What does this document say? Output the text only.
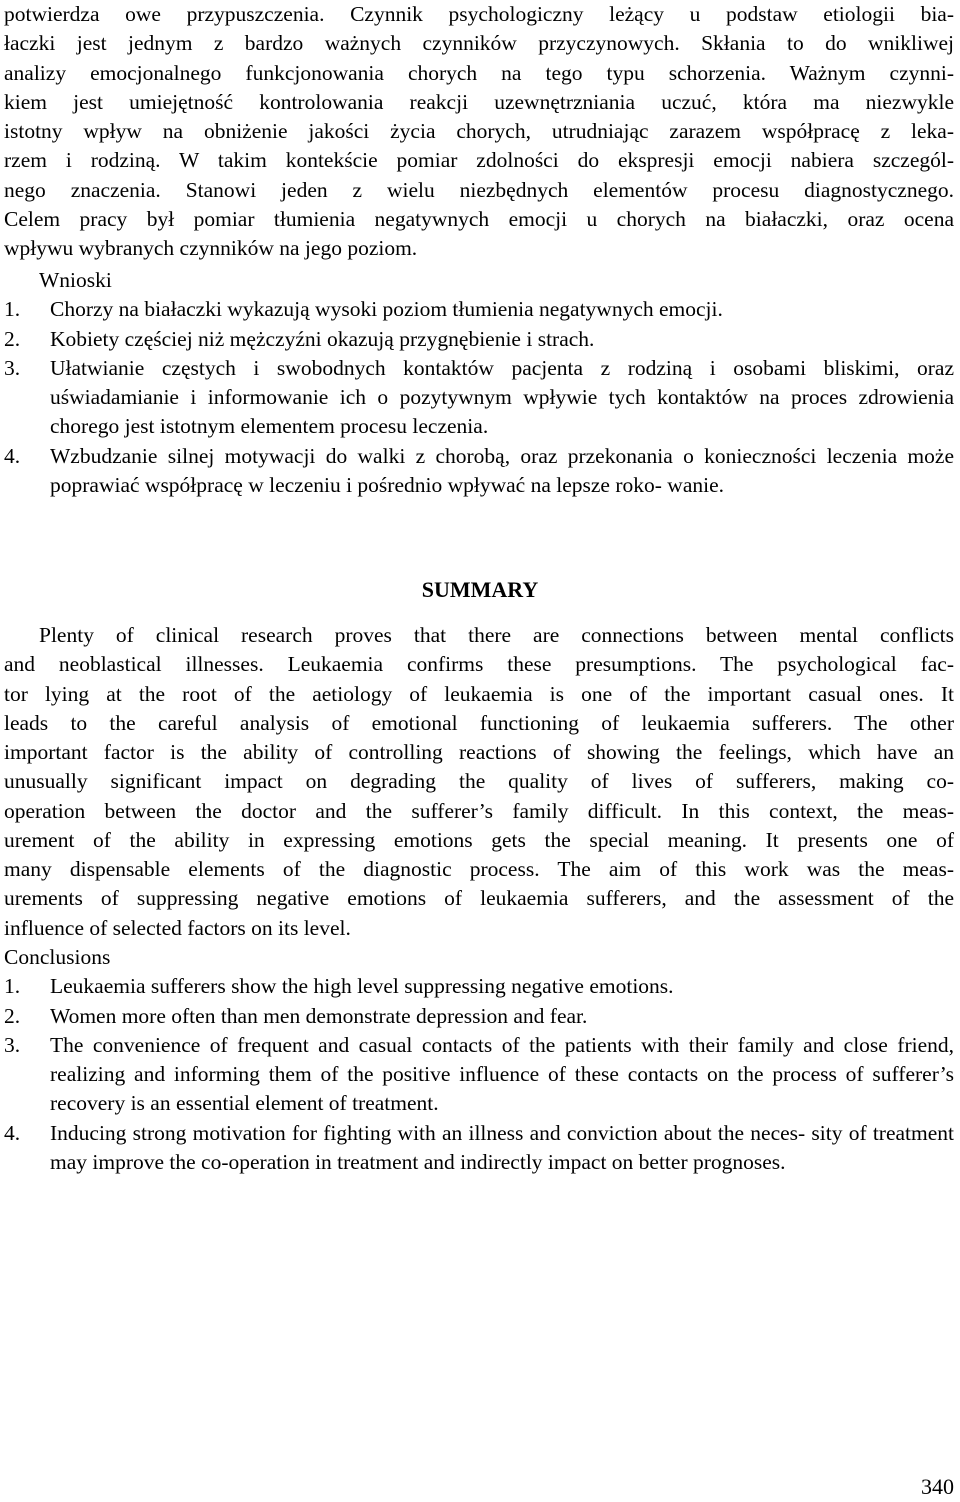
potwierdza owe przypuszczenia. Czynnik psychologiczny leżący u podstaw etiologii bia-

łaczki jest jednym z bardzo ważnych czynników przyczynowych. Skłania to do wnikliwej

analizy emocjonalnego funkcjonowania chorych na tego typu schorzenia. Ważnym czynni-

kiem jest umiejętność kontrolowania reakcji uzewnętrzniania uczuć, która ma niezwykle

istotny wpływ na obniżenie jakości życia chorych, utrudniając zarazem współpracę z leka-

rzem i rodziną. W takim kontekście pomiar zdolności do ekspresji emocji nabiera szczegól-

nego znaczenia. Stanowi jeden z wielu niezbędnych elementów procesu diagnostycznego.

Celem pracy był pomiar tłumienia negatywnych emocji u chorych na białaczki, oraz ocena

wpływu wybranych czynników na jego poziom.

Wnioski

1. Chorzy na białaczki wykazują wysoki poziom tłumienia negatywnych emocji.
2. Kobiety częściej niż mężczyźni okazują przygnębienie i strach.
3. Ułatwianie częstych i swobodnych kontaktów pacjenta z rodziną i osobami bliskimi, oraz uświadamianie i informowanie ich o pozytywnym wpływie tych kontaktów na proces zdrowienia chorego jest istotnym elementem procesu leczenia.
4. Wzbudzanie silnej motywacji do walki z chorobą, oraz przekonania o konieczności leczenia może poprawiać współpracę w leczeniu i pośrednio wpływać na lepsze roko- wanie.
SUMMARY

Plenty of clinical research proves that there are connections between mental conflicts

and neoblastical illnesses. Leukaemia confirms these presumptions. The psychological fac-

tor lying at the root of the aetiology of leukaemia is one of the important casual ones. It

leads to the careful analysis of emotional functioning of leukaemia sufferers. The other

important factor is the ability of controlling reactions of showing the feelings, which have an

unusually significant impact on degrading the quality of lives of sufferers, making co-

operation between the doctor and the sufferer’s family difficult. In this context, the meas-

urement of the ability in expressing emotions gets the special meaning. It presents one of

many dispensable elements of the diagnostic process. The aim of this work was the meas-

urements of suppressing negative emotions of leukaemia sufferers, and the assessment of the

influence of selected factors on its level.

Conclusions

1. Leukaemia sufferers show the high level suppressing negative emotions.
2. Women more often than men demonstrate depression and fear.
3. The convenience of frequent and casual contacts of the patients with their family and close friend, realizing and informing them of the positive influence of these contacts on the process of sufferer’s recovery is an essential element of treatment.
4. Inducing strong motivation for fighting with an illness and conviction about the neces- sity of treatment may improve the co-operation in treatment and indirectly impact on better prognoses.
340
